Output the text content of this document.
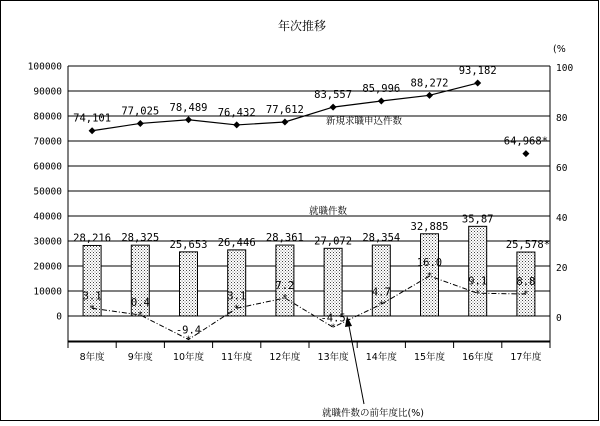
年次推移
(%
100000
90000
80000
70000
60000
50000
40000
30000
20000
10000
0
100
80
60
40
20
0
8年度 9年度 10年度 11年度 12年度 13年度 14年度 15年度 16年度 17年度
*
*
*
*
*
*
*
*
*	*
28,216 28,325
25,653 26,446 28,361 27,072 28,354
32,885
35,87
25,578*
74,101
77,025 78,489 76,432 77,612
83,557
85,996 88,272
93,182
64,968*
3.1
0.4
-9.4
3.1
7.2
-4.5
4.7
16.0
9.1	8.8
就職件数
新規求職申込件数
就職件数の前年度比(%)
